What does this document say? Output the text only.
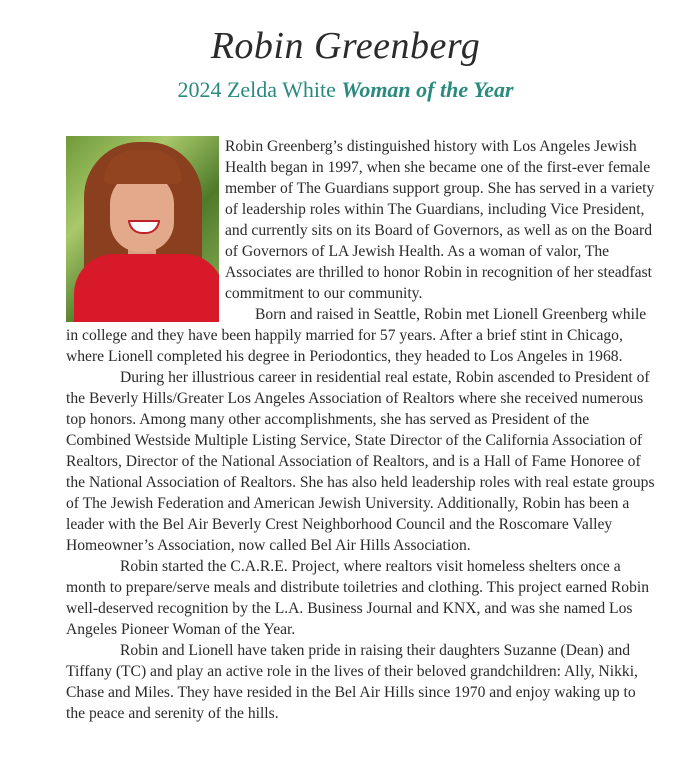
Robin Greenberg
2024 Zelda White Woman of the Year

Robin Greenberg’s distinguished history with Los Angeles Jewish Health began in 1997, when she became one of the first-ever female member of The Guardians support group. She has served in a variety of leadership roles within The Guardians, including Vice President, and currently sits on its Board of Governors, as well as on the Board of Governors of LA Jewish Health. As a woman of valor, The Associates are thrilled to honor Robin in recognition of her steadfast commitment to our community.

Born and raised in Seattle, Robin met Lionell Greenberg while in college and they have been happily married for 57 years. After a brief stint in Chicago, where Lionell completed his degree in Periodontics, they headed to Los Angeles in 1968.

During her illustrious career in residential real estate, Robin ascended to President of the Beverly Hills/Greater Los Angeles Association of Realtors where she received numerous top honors. Among many other accomplishments, she has served as President of the Combined Westside Multiple Listing Service, State Director of the California Association of Realtors, Director of the National Association of Realtors, and is a Hall of Fame Honoree of the National Association of Realtors. She has also held leadership roles with real estate groups of The Jewish Federation and American Jewish University. Additionally, Robin has been a leader with the Bel Air Beverly Crest Neighborhood Council and the Roscomare Valley Homeowner’s Association, now called Bel Air Hills Association.

Robin started the C.A.R.E. Project, where realtors visit homeless shelters once a month to prepare/serve meals and distribute toiletries and clothing. This project earned Robin well-deserved recognition by the L.A. Business Journal and KNX, and was she named Los Angeles Pioneer Woman of the Year.

Robin and Lionell have taken pride in raising their daughters Suzanne (Dean) and Tiffany (TC) and play an active role in the lives of their beloved grandchildren: Ally, Nikki, Chase and Miles. They have resided in the Bel Air Hills since 1970 and enjoy waking up to the peace and serenity of the hills.
